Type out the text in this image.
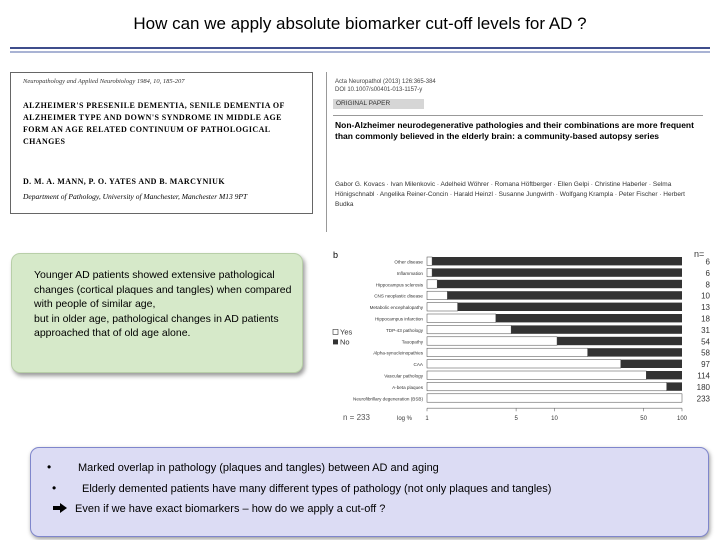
How can we apply absolute biomarker cut-off levels for AD ?
Neuropathology and Applied Neurobiology 1984, 10, 185-207
ALZHEIMER'S PRESENILE DEMENTIA, SENILE DEMENTIA OF ALZHEIMER TYPE AND DOWN'S SYNDROME IN MIDDLE AGE FORM AN AGE RELATED CONTINUUM OF PATHOLOGICAL CHANGES
D. M. A. MANN, P. O. YATES AND B. MARCYNIUK
Department of Pathology, University of Manchester, Manchester M13 9PT
Acta Neuropathol (2013) 126:365-384
DOI 10.1007/s00401-013-1157-y
ORIGINAL PAPER
Non-Alzheimer neurodegenerative pathologies and their combinations are more frequent than commonly believed in the elderly brain: a community-based autopsy series
Gabor G. Kovacs · Ivan Milenkovic · Adelheid Wöhrer · Romana Höftberger · Ellen Gelpi · Christine Haberler · Selma Hönigschnabl · Angelika Reiner-Concin · Harald Heinzl · Susanne Jungwirth · Wolfgang Krampla · Peter Fischer · Herbert Budka
Younger AD patients showed extensive pathological changes (cortical plaques and tangles) when compared with people of similar age,
but in older age, pathological changes in AD patients approached that of old age alone.
b	n=
Other disease	6
Inflammation	6
Hippocampus sclerosis	8
CNS neoplastic disease	10
Metabolic encephalopathy	13
Hippocampus infarction	18
TDP-43 pathology	31
Tauopathy	54
Alpha-synucleinopathies	58
CAA	97
Vascular pathology	114
A-beta plaques	180
Neurofibrillary degeneration (BSB)	233
Yes
No
1	5	10	50	100
log %
n = 233
• Marked overlap in pathology (plaques and tangles) between AD and aging
• Elderly demented patients have many different types of pathology (not only plaques and tangles)
Even if we have exact biomarkers – how do we apply a cut-off ?
